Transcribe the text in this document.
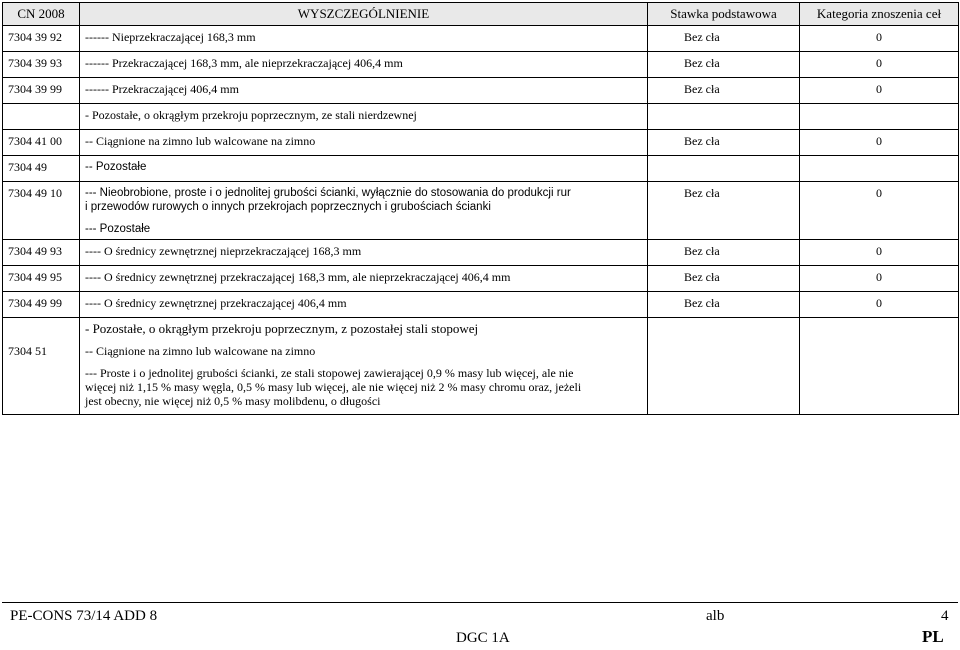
CN 2008	WYSZCZEGÓLNIENIE	Stawka podstawowa	Kategoria znoszenia ceł
7304 39 92	------ Nieprzekraczającej 168,3 mm	Bez cła	0
7304 39 93	------ Przekraczającej 168,3 mm, ale nieprzekraczającej 406,4 mm	Bez cła	0
7304 39 99	------ Przekraczającej 406,4 mm	Bez cła	0
	- Pozostałe, o okrągłym przekroju poprzecznym, ze stali nierdzewnej		
7304 41 00	-- Ciągnione na zimno lub walcowane na zimno	Bez cła	0
7304 49	-- Pozostałe		
7304 49 10	--- Nieobrobione, proste i o jednolitej grubości ścianki, wyłącznie do stosowania do produkcji rur
i przewodów rurowych o innych przekrojach poprzecznych i grubościach ścianki
--- Pozostałe	Bez cła	0
7304 49 93	---- O średnicy zewnętrznej nieprzekraczającej 168,3 mm	Bez cła	0
7304 49 95	---- O średnicy zewnętrznej przekraczającej 168,3 mm, ale nieprzekraczającej 406,4 mm	Bez cła	0
7304 49 99	---- O średnicy zewnętrznej przekraczającej 406,4 mm	Bez cła	0
7304 51	- Pozostałe, o okrągłym przekroju poprzecznym, z pozostałej stali stopowej
-- Ciągnione na zimno lub walcowane na zimno
--- Proste i o jednolitej grubości ścianki, ze stali stopowej zawierającej 0,9 % masy lub więcej, ale nie
więcej niż 1,15 % masy węgla, 0,5 % masy lub więcej, ale nie więcej niż 2 % masy chromu oraz, jeżeli
jest obecny, nie więcej niż 0,5 % masy molibdenu, o długości		

PE-CONS 73/14 ADD 8	alb	4
DGC 1A	PL
